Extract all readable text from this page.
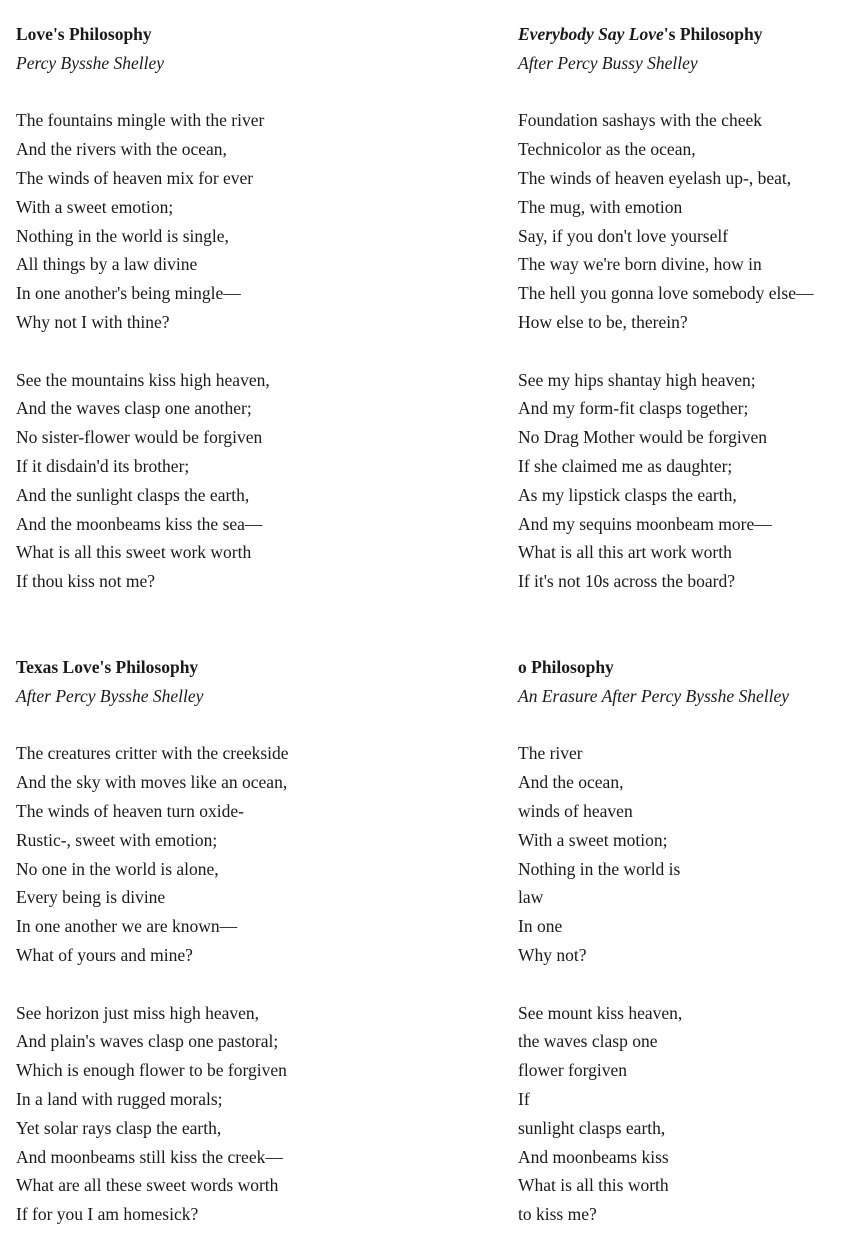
Love's Philosophy
Percy Bysshe Shelley
The fountains mingle with the river
And the rivers with the ocean,
The winds of heaven mix for ever
With a sweet emotion;
Nothing in the world is single,
All things by a law divine
In one another's being mingle—
Why not I with thine?
See the mountains kiss high heaven,
And the waves clasp one another;
No sister-flower would be forgiven
If it disdain'd its brother;
And the sunlight clasps the earth,
And the moonbeams kiss the sea—
What is all this sweet work worth
If thou kiss not me?
Everybody Say Love's Philosophy
After Percy Bussy Shelley
Foundation sashays with the cheek
Technicolor as the ocean,
The winds of heaven eyelash up-, beat,
The mug, with emotion
Say, if you don't love yourself
The way we're born divine, how in
The hell you gonna love somebody else—
How else to be, therein?
See my hips shantay high heaven;
And my form-fit clasps together;
No Drag Mother would be forgiven
If she claimed me as daughter;
As my lipstick clasps the earth,
And my sequins moonbeam more—
What is all this art work worth
If it's not 10s across the board?
Texas Love's Philosophy
After Percy Bysshe Shelley
The creatures critter with the creekside
And the sky with moves like an ocean,
The winds of heaven turn oxide-
Rustic-, sweet with emotion;
No one in the world is alone,
Every being is divine
In one another we are known—
What of yours and mine?
See horizon just miss high heaven,
And plain's waves clasp one pastoral;
Which is enough flower to be forgiven
In a land with rugged morals;
Yet solar rays clasp the earth,
And moonbeams still kiss the creek—
What are all these sweet words worth
If for you I am homesick?
o Philosophy
An Erasure After Percy Bysshe Shelley
The river
And the ocean,
winds of heaven
With a sweet motion;
Nothing in the world is
law
In one
Why not?
See mount kiss heaven,
the waves clasp one
flower forgiven
If
sunlight clasps earth,
And moonbeams kiss
What is all this worth
to kiss me?
